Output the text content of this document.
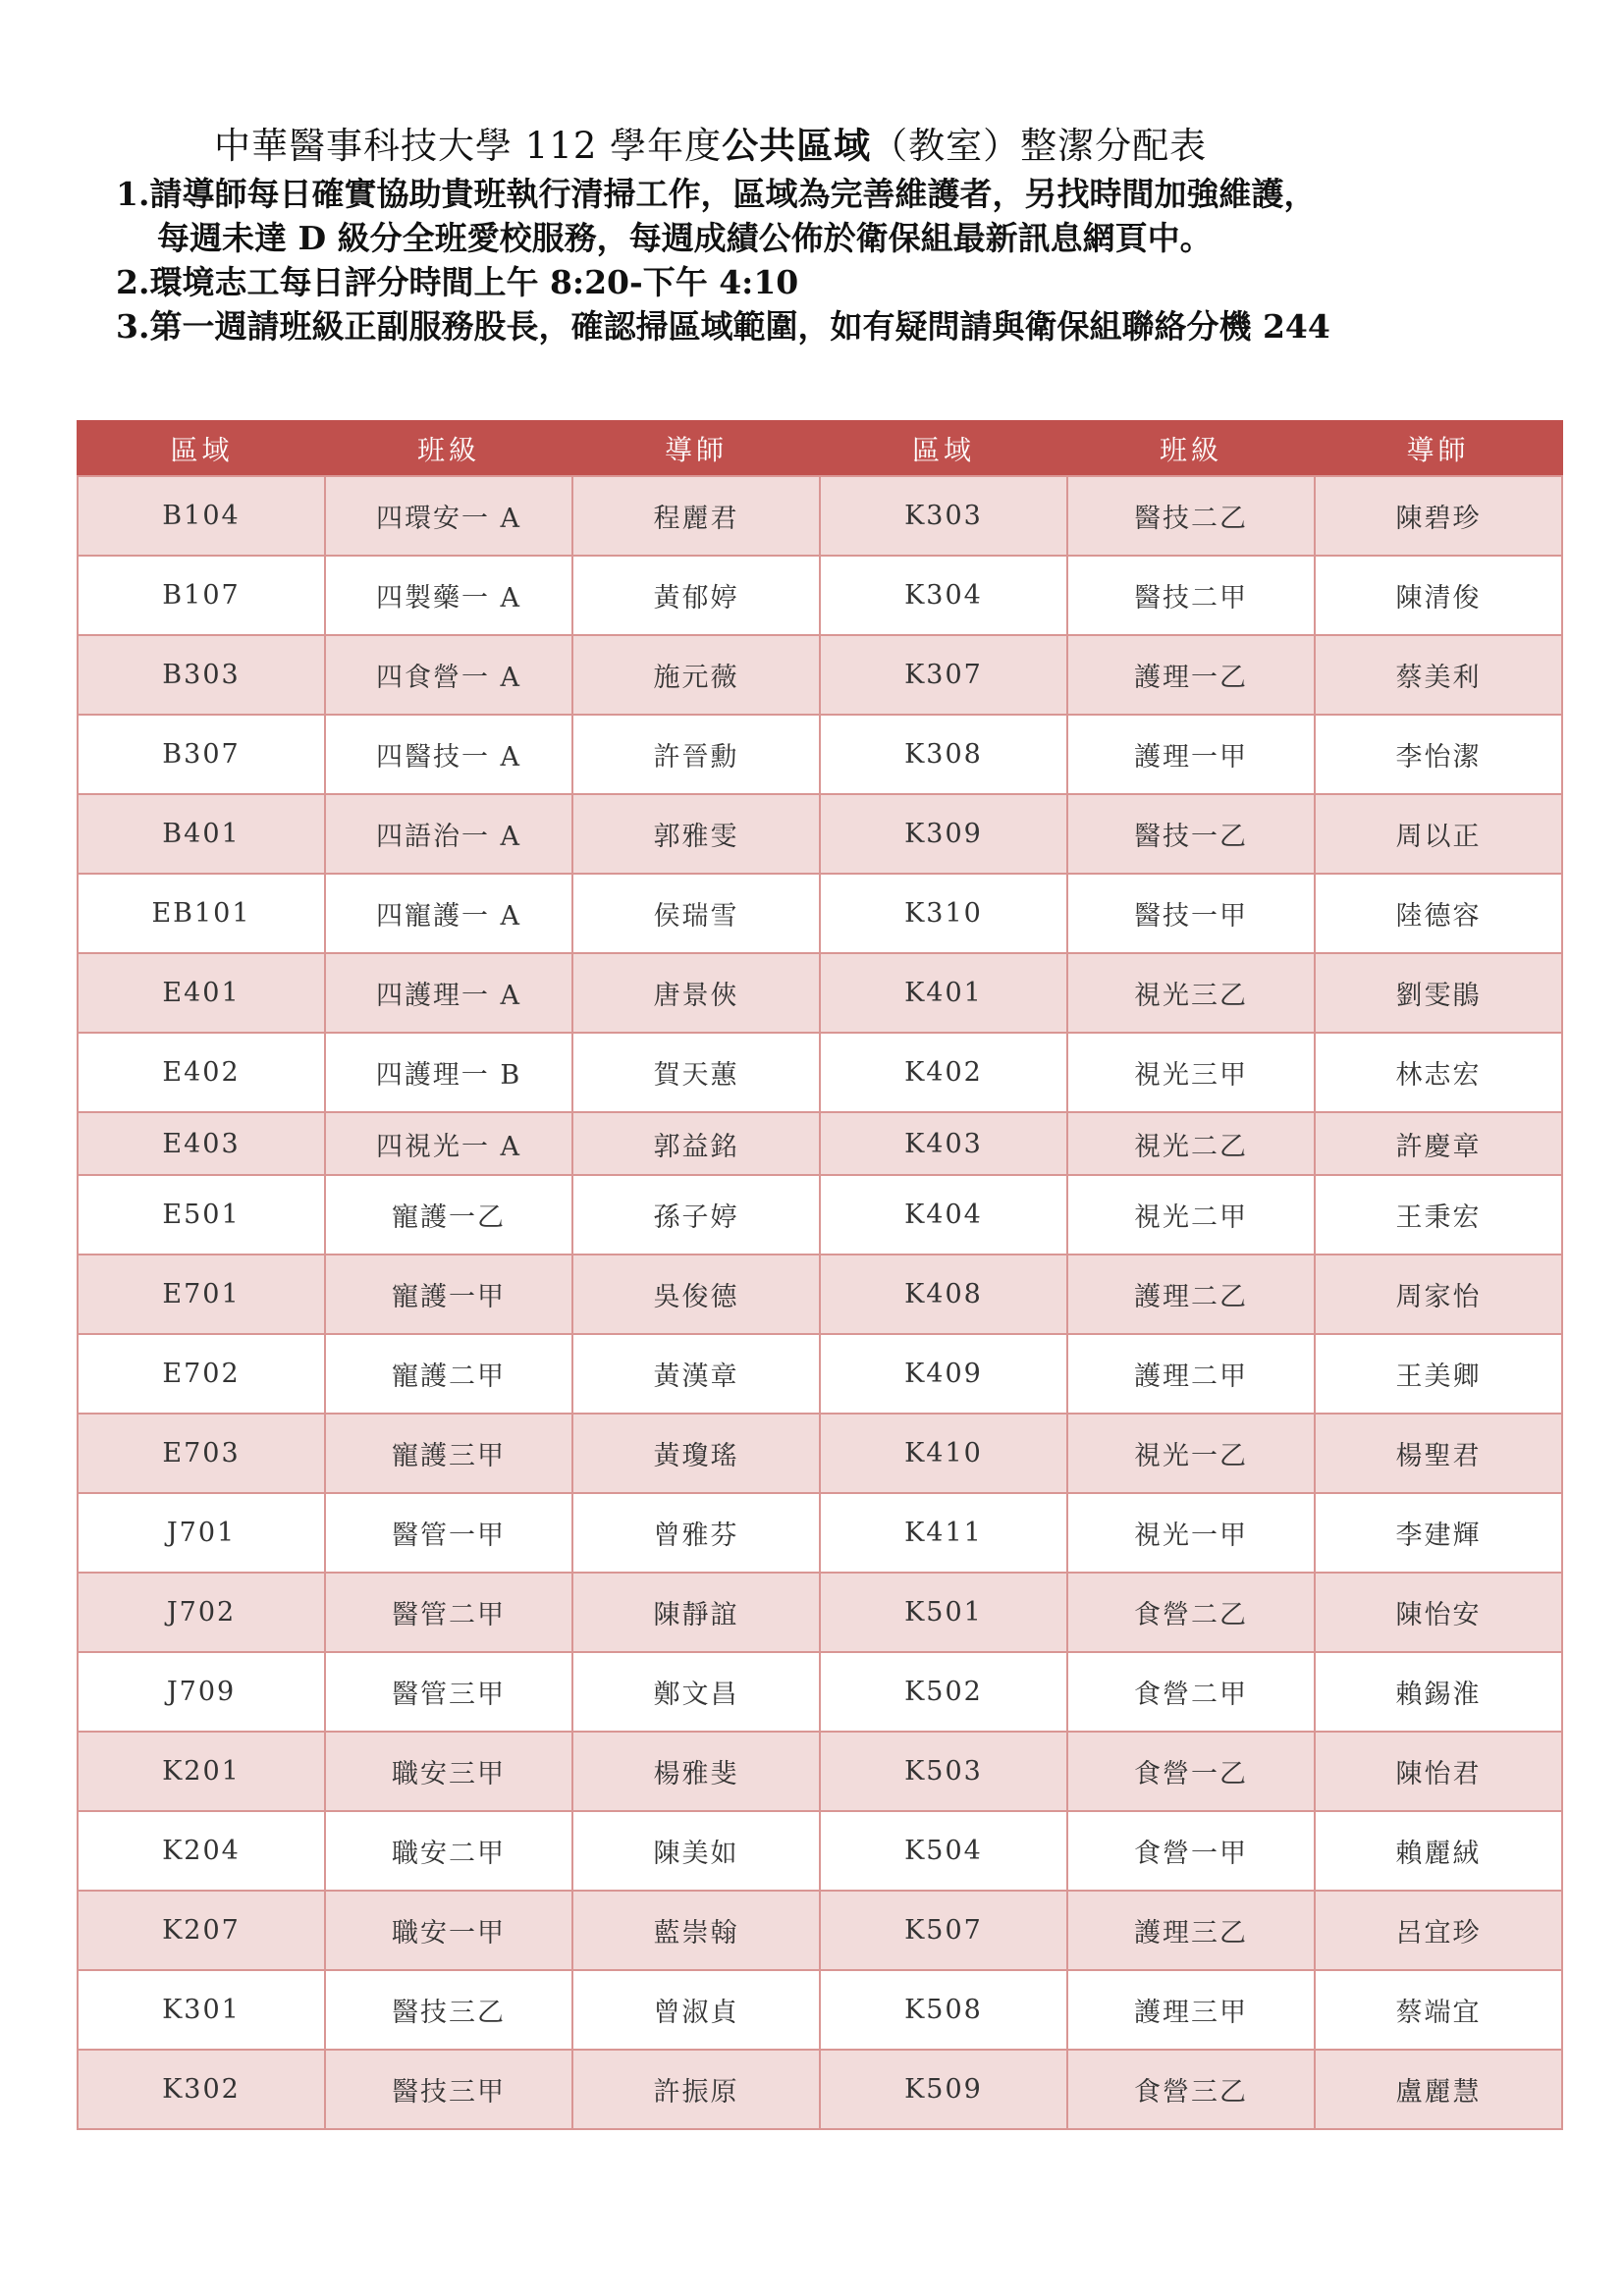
中華醫事科技大學 112 學年度公共區域（教室）整潔分配表

1.請導師每日確實協助貴班執行清掃工作，區域為完善維護者，另找時間加強維護，

每週未達 D 級分全班愛校服務，每週成績公佈於衛保組最新訊息網頁中。

2.環境志工每日評分時間上午 8:20-下午 4:10

3.第一週請班級正副服務股長，確認掃區域範圍，如有疑問請與衛保組聯絡分機 244

區域	班級	導師	區域	班級	導師
B104	四環安一 A	程麗君	K303	醫技二乙	陳碧珍
B107	四製藥一 A	黃郁婷	K304	醫技二甲	陳清俊
B303	四食營一 A	施元薇	K307	護理一乙	蔡美利
B307	四醫技一 A	許晉勳	K308	護理一甲	李怡潔
B401	四語治一 A	郭雅雯	K309	醫技一乙	周以正
EB101	四寵護一 A	侯瑞雪	K310	醫技一甲	陸德容
E401	四護理一 A	唐景俠	K401	視光三乙	劉雯鵑
E402	四護理一 B	賀天蕙	K402	視光三甲	林志宏
E403	四視光一 A	郭益銘	K403	視光二乙	許慶章
E501	寵護一乙	孫子婷	K404	視光二甲	王秉宏
E701	寵護一甲	吳俊德	K408	護理二乙	周家怡
E702	寵護二甲	黃漢章	K409	護理二甲	王美卿
E703	寵護三甲	黃瓊瑤	K410	視光一乙	楊聖君
J701	醫管一甲	曾雅芬	K411	視光一甲	李建輝
J702	醫管二甲	陳靜誼	K501	食營二乙	陳怡安
J709	醫管三甲	鄭文昌	K502	食營二甲	賴錫淮
K201	職安三甲	楊雅斐	K503	食營一乙	陳怡君
K204	職安二甲	陳美如	K504	食營一甲	賴麗絨
K207	職安一甲	藍崇翰	K507	護理三乙	呂宜珍
K301	醫技三乙	曾淑貞	K508	護理三甲	蔡端宜
K302	醫技三甲	許振原	K509	食營三乙	盧麗慧
